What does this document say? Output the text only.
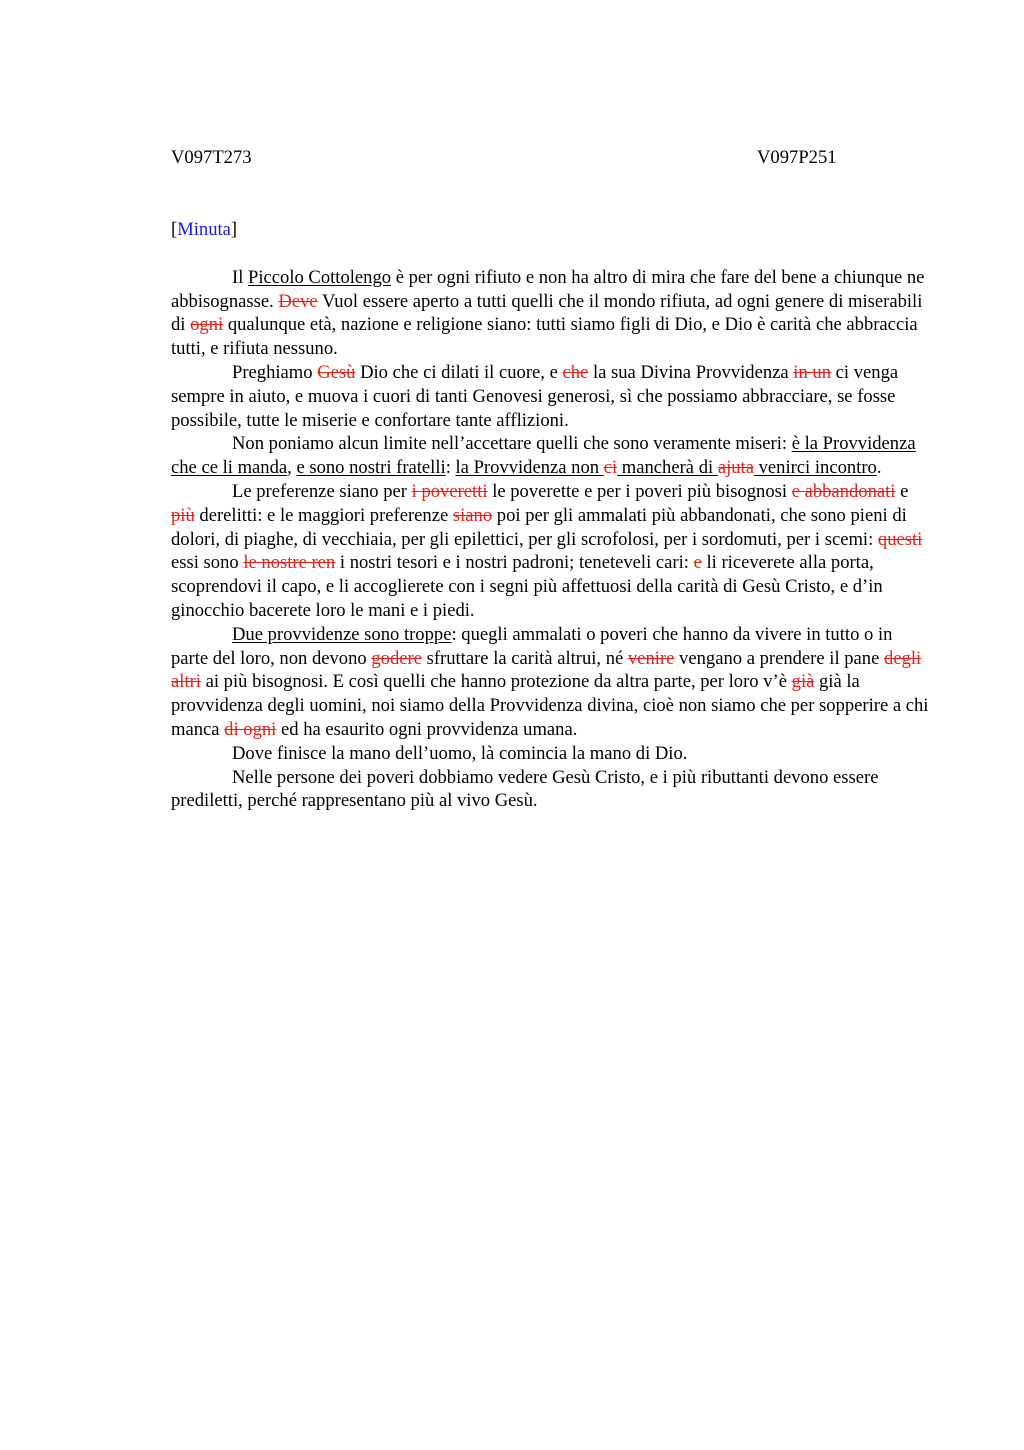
V097T273	V097P251
[Minuta]

Il Piccolo Cottolengo è per ogni rifiuto e non ha altro di mira che fare del bene a chiunque ne abbisognasse. Deve Vuol essere aperto a tutti quelli che il mondo rifiuta, ad ogni genere di miserabili di ogni qualunque età, nazione e religione siano: tutti siamo figli di Dio, e Dio è carità che abbraccia tutti, e rifiuta nessuno.

Preghiamo Gesù Dio che ci dilati il cuore, e che la sua Divina Provvidenza in un ci venga sempre in aiuto, e muova i cuori di tanti Genovesi generosi, sì che possiamo abbracciare, se fosse possibile, tutte le miserie e confortare tante afflizioni.

Non poniamo alcun limite nell’accettare quelli che sono veramente miseri: è la Provvidenza che ce li manda, e sono nostri fratelli: la Provvidenza non ci mancherà di ajuta venirci incontro.

Le preferenze siano per i poveretti le poverette e per i poveri più bisognosi e abbandonati e più derelitti: e le maggiori preferenze siano poi per gli ammalati più abbandonati, che sono pieni di dolori, di piaghe, di vecchiaia, per gli epilettici, per gli scrofolosi, per i sordomuti, per i scemi: questi essi sono le nostre ren i nostri tesori e i nostri padroni; teneteveli cari: e li riceverete alla porta, scoprendovi il capo, e li accoglierete con i segni più affettuosi della carità di Gesù Cristo, e d’in ginocchio bacerete loro le mani e i piedi.

Due provvidenze sono troppe: quegli ammalati o poveri che hanno da vivere in tutto o in parte del loro, non devono godere sfruttare la carità altrui, né venire vengano a prendere il pane degli altri ai più bisognosi. E così quelli che hanno protezione da altra parte, per loro v’è già già la provvidenza degli uomini, noi siamo della Provvidenza divina, cioè non siamo che per sopperire a chi manca di ogni ed ha esaurito ogni provvidenza umana.

Dove finisce la mano dell’uomo, là comincia la mano di Dio.

Nelle persone dei poveri dobbiamo vedere Gesù Cristo, e i più ributtanti devono essere prediletti, perché rappresentano più al vivo Gesù.
